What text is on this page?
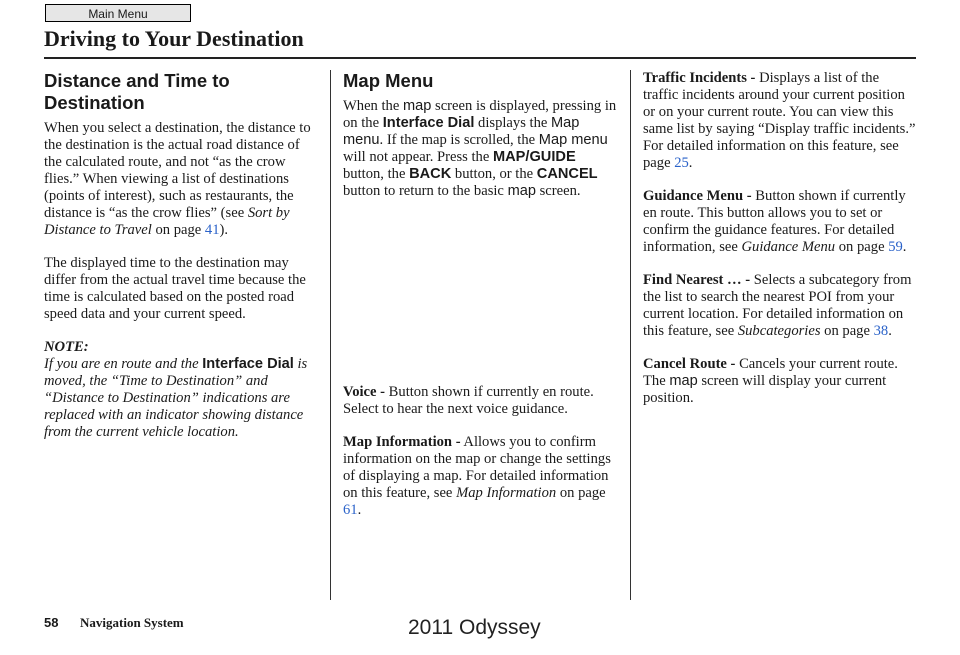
Main Menu
Driving to Your Destination
Distance and Time to Destination

When you select a destination, the distance to the destination is the actual road distance of the calculated route, and not “as the crow flies.” When viewing a list of destinations (points of interest), such as restaurants, the distance is “as the crow flies” (see Sort by Distance to Travel on page 41).

The displayed time to the destination may differ from the actual travel time because the time is calculated based on the posted road speed data and your current speed.

NOTE:

If you are en route and the Interface Dial is moved, the “Time to Destination” and “Distance to Destination” indications are replaced with an indicator showing distance from the current vehicle location.

Map Menu

When the map screen is displayed, pressing in on the Interface Dial displays the Map menu. If the map is scrolled, the Map menu will not appear. Press the MAP/GUIDE button, the BACK button, or the CANCEL button to return to the basic map screen.

Voice - Button shown if currently en route. Select to hear the next voice guidance.

Map Information - Allows you to confirm information on the map or change the settings of displaying a map. For detailed information on this feature, see Map Information on page 61.

Traffic Incidents - Displays a list of the traffic incidents around your current position or on your current route. You can view this same list by saying “Display traffic incidents.” For detailed information on this feature, see page 25.

Guidance Menu - Button shown if currently en route. This button allows you to set or confirm the guidance features. For detailed information, see Guidance Menu on page 59.

Find Nearest … - Selects a subcategory from the list to search the nearest POI from your current location. For detailed information on this feature, see Subcategories on page 38.

Cancel Route - Cancels your current route. The map screen will display your current position.

58 Navigation System	2011 Odyssey
